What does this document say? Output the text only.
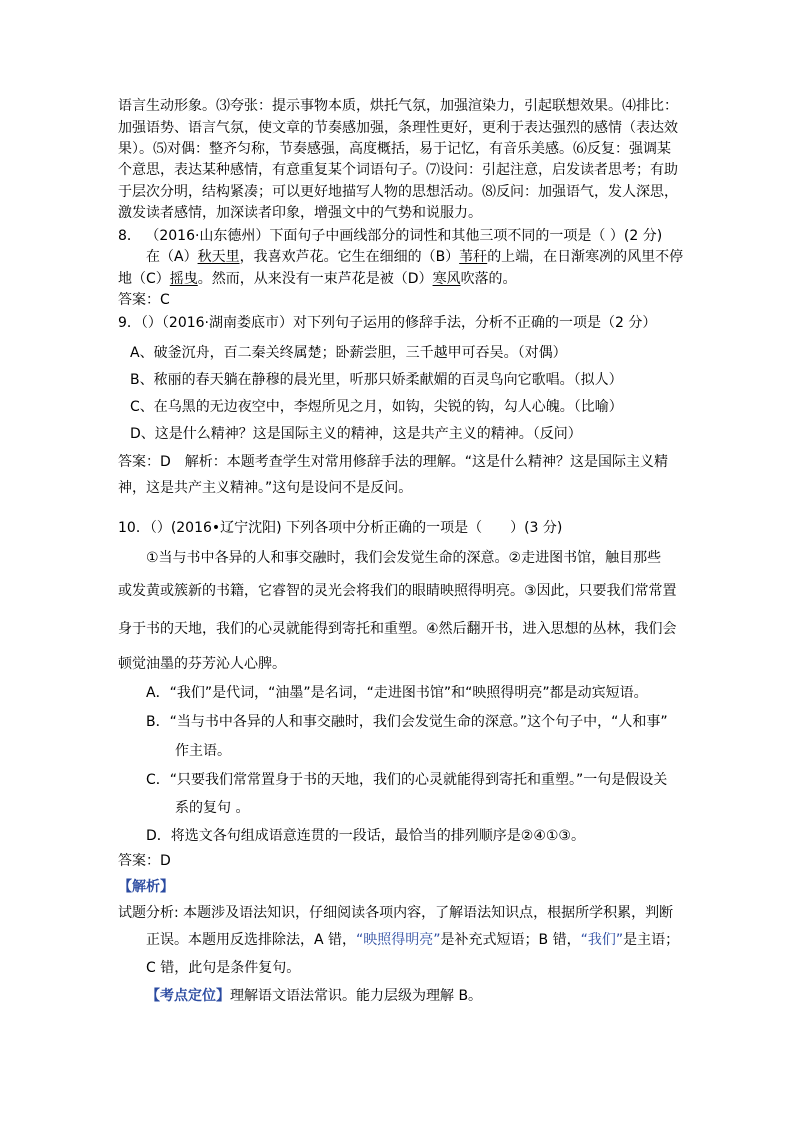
语言生动形象。⑶夸张：提示事物本质，烘托气氛，加强渲染力，引起联想效果。⑷排比：
加强语势、语言气氛，使文章的节奏感加强，条理性更好，更利于表达强烈的感情（表达效
果）。⑸对偶：整齐匀称，节奏感强，高度概括，易于记忆，有音乐美感。⑹反复：强调某
个意思，表达某种感情，有意重复某个词语句子。⑺设问：引起注意，启发读者思考；有助
于层次分明，结构紧凑；可以更好地描写人物的思想活动。⑻反问：加强语气，发人深思，
激发读者感情，加深读者印象，增强文中的气势和说服力。
8． （2016·山东德州）下面句子中画线部分的词性和其他三项不同的一项是（ ）(2 分)
在（A）秋天里，我喜欢芦花。它生在细细的（B）苇秆的上端，在日渐寒冽的风里不停
地（C）摇曳。然而，从来没有一束芦花是被（D）寒风吹落的。
答案：C
9．（）（2016·湖南娄底市）对下列句子运用的修辞手法，分析不正确的一项是（2 分）
A、破釜沉舟，百二秦关终属楚；卧薪尝胆，三千越甲可吞吴。（对偶）
B、秾丽的春天躺在静穆的晨光里，听那只娇柔献媚的百灵鸟向它歌唱。（拟人）
C、在乌黑的无边夜空中，李煜所见之月，如钩，尖锐的钩，勾人心魄。（比喻）
D、这是什么精神？这是国际主义的精神，这是共产主义的精神。（反问）
答案：D　解析：本题考查学生对常用修辞手法的理解。“这是什么精神？这是国际主义精
神，这是共产主义精神。”这句是设问不是反问。
10．（）(2016•辽宁沈阳) 下列各项中分析正确的一项是（　　）(3 分)
①当与书中各异的人和事交融时，我们会发觉生命的深意。②走进图书馆，触目那些
或发黄或簇新的书籍，它睿智的灵光会将我们的眼睛映照得明亮。③因此，只要我们常常置
身于书的天地，我们的心灵就能得到寄托和重塑。④然后翻开书，进入思想的丛林，我们会
顿觉油墨的芬芳沁人心脾。
A．“我们”是代词，“油墨”是名词，“走进图书馆”和“映照得明亮”都是动宾短语。
B．“当与书中各异的人和事交融时，我们会发觉生命的深意。”这个句子中，“人和事”
作主语。
C．“只要我们常常置身于书的天地，我们的心灵就能得到寄托和重塑。”一句是假设关
系的复句 。
D．将选文各句组成语意连贯的一段话，最恰当的排列顺序是②④①③。
答案：D
【解析】
试题分析: 本题涉及语法知识，仔细阅读各项内容，了解语法知识点，根据所学积累，判断
正误。本题用反选排除法，A 错，“映照得明亮”是补充式短语；B 错，“我们”是主语；
C 错，此句是条件复句。
【考点定位】理解语文语法常识。能力层级为理解 B。
